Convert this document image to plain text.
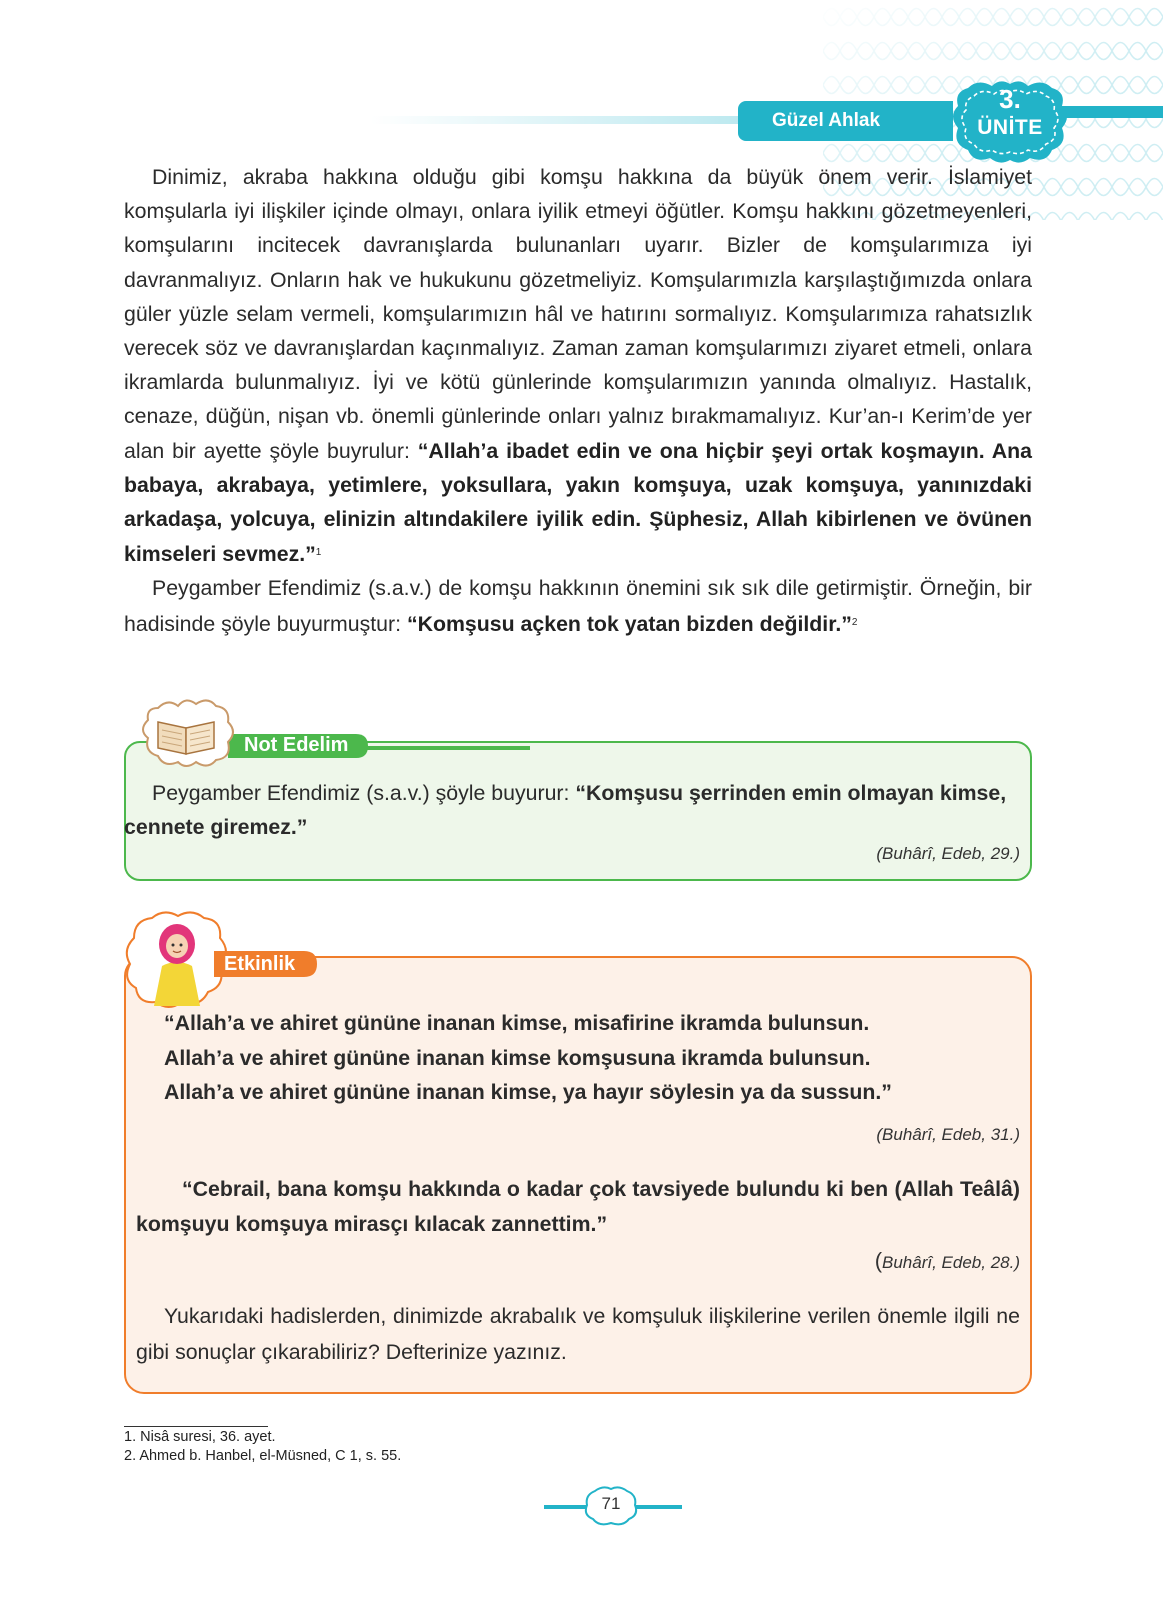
Güzel Ahlak
3.
ÜNİTE

Dinimiz, akraba hakkına olduğu gibi komşu hakkına da büyük önem verir. İslamiyet komşularla iyi ilişkiler içinde olmayı, onlara iyilik etmeyi öğütler. Komşu hakkını gözetmeyenleri, komşularını incitecek davranışlarda bulunanları uyarır. Bizler de komşularımıza iyi davranmalıyız. Onların hak ve hukukunu gözetmeliyiz. Komşularımızla karşılaştığımızda onlara güler yüzle selam vermeli, komşularımızın hâl ve hatırını sormalıyız. Komşularımıza rahatsızlık verecek söz ve davranışlardan kaçınmalıyız. Zaman zaman komşularımızı ziyaret etmeli, onlara ikramlarda bulunmalıyız. İyi ve kötü günlerinde komşularımızın yanında olmalıyız. Hastalık, cenaze, düğün, nişan vb. önemli günlerinde onları yalnız bırakmamalıyız. Kur’an-ı Kerim’de yer alan bir ayette şöyle buyrulur: “Allah’a ibadet edin ve ona hiçbir şeyi ortak koşmayın. Ana babaya, akrabaya, yetimlere, yoksullara, yakın komşuya, uzak komşuya, yanınızdaki arkadaşa, yolcuya, elinizin altındakilere iyilik edin. Şüphesiz, Allah kibirlenen ve övünen kimseleri sevmez.”$^1$

Peygamber Efendimiz (s.a.v.) de komşu hakkının önemini sık sık dile getirmiştir. Örneğin, bir hadisinde şöyle buyurmuştur: “Komşusu açken tok yatan bizden değildir.”$^2$

Not Edelim
Peygamber Efendimiz (s.a.v.) şöyle buyurur: “Komşusu şerrinden emin olmayan kimse, cennete giremez.”
(Buhârî, Edeb, 29.)
Etkinlik
“Allah’a ve ahiret gününe inanan kimse, misafirine ikramda bulunsun.
Allah’a ve ahiret gününe inanan kimse komşusuna ikramda bulunsun.
Allah’a ve ahiret gününe inanan kimse, ya hayır söylesin ya da sussun.”
(Buhârî, Edeb, 31.)
“Cebrail, bana komşu hakkında o kadar çok tavsiyede bulundu ki ben (Allah Teâlâ) komşuyu komşuya mirasçı kılacak zannettim.”
(Buhârî, Edeb, 28.)
Yukarıdaki hadislerden, dinimizde akrabalık ve komşuluk ilişkilerine verilen önemle ilgili ne gibi sonuçlar çıkarabiliriz? Defterinize yazınız.
1. Nisâ suresi, 36. ayet.
2. Ahmed b. Hanbel, el-Müsned, C 1, s. 55.
71
